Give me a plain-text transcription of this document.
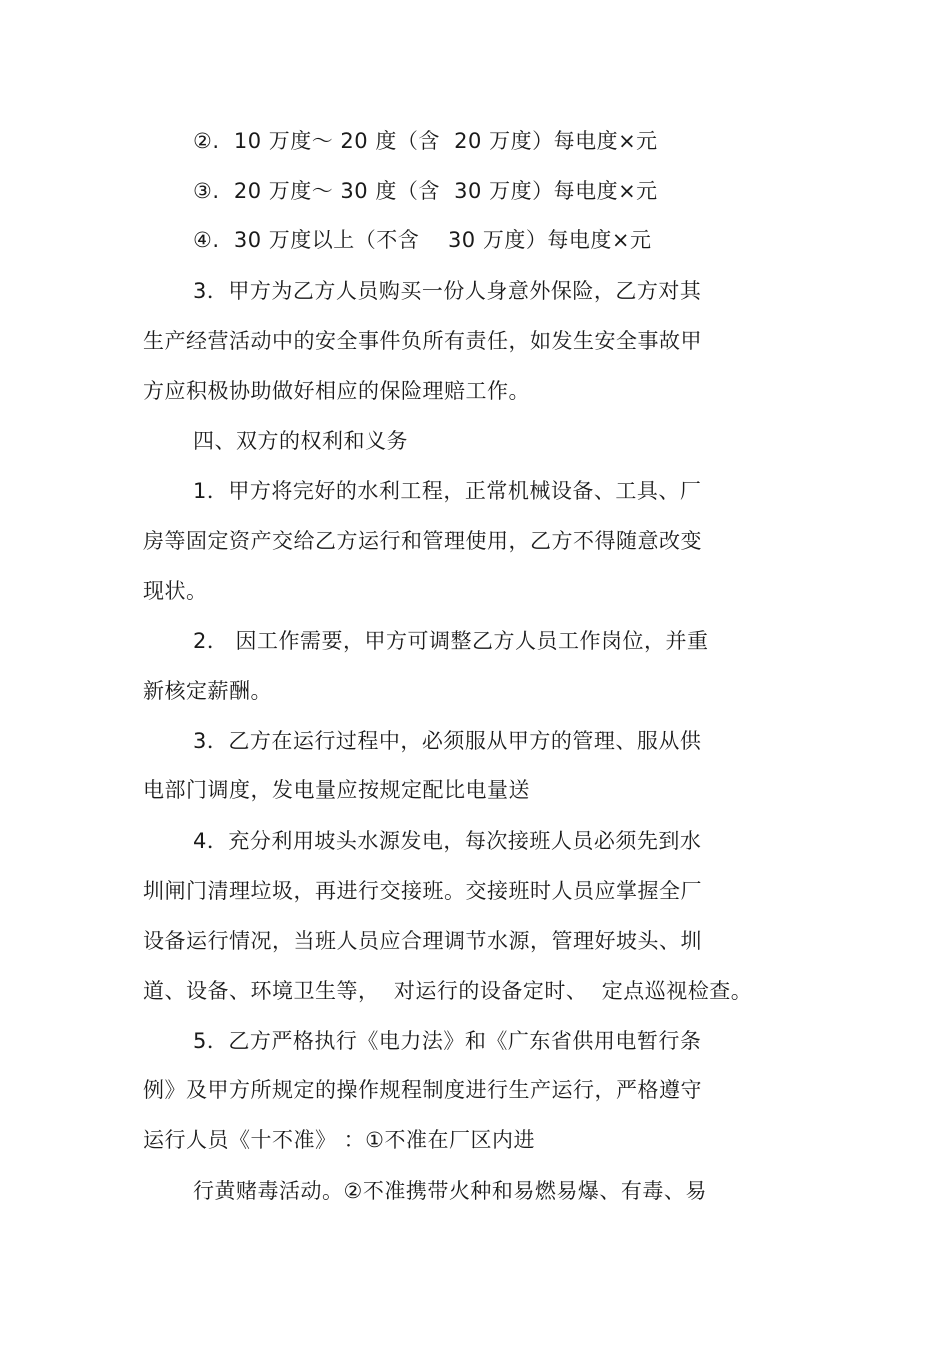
②.  10 万度～ 20 度（含  20 万度）每电度×元
③.  20 万度～ 30 度（含  30 万度）每电度×元
④.  30 万度以上（不含    30 万度）每电度×元
3．甲方为乙方人员购买一份人身意外保险，乙方对其
生产经营活动中的安全事件负所有责任，如发生安全事故甲
方应积极协助做好相应的保险理赔工作。
四、双方的权利和义务
1．甲方将完好的水利工程，正常机械设备、工具、厂
房等固定资产交给乙方运行和管理使用，乙方不得随意改变
现状。
2． 因工作需要，甲方可调整乙方人员工作岗位，并重
新核定薪酬。
3．乙方在运行过程中，必须服从甲方的管理、服从供
电部门调度，发电量应按规定配比电量送
4．充分利用坡头水源发电，每次接班人员必须先到水
圳闸门清理垃圾，再进行交接班。交接班时人员应掌握全厂
设备运行情况，当班人员应合理调节水源，管理好坡头、圳
道、设备、环境卫生等，  对运行的设备定时、  定点巡视检查。
5．乙方严格执行《电力法》和《广东省供用电暂行条
例》及甲方所规定的操作规程制度进行生产运行，严格遵守
运行人员《十不准》 ：①不准在厂区内进
行黄赌毒活动。②不准携带火种和易燃易爆、有毒、易
